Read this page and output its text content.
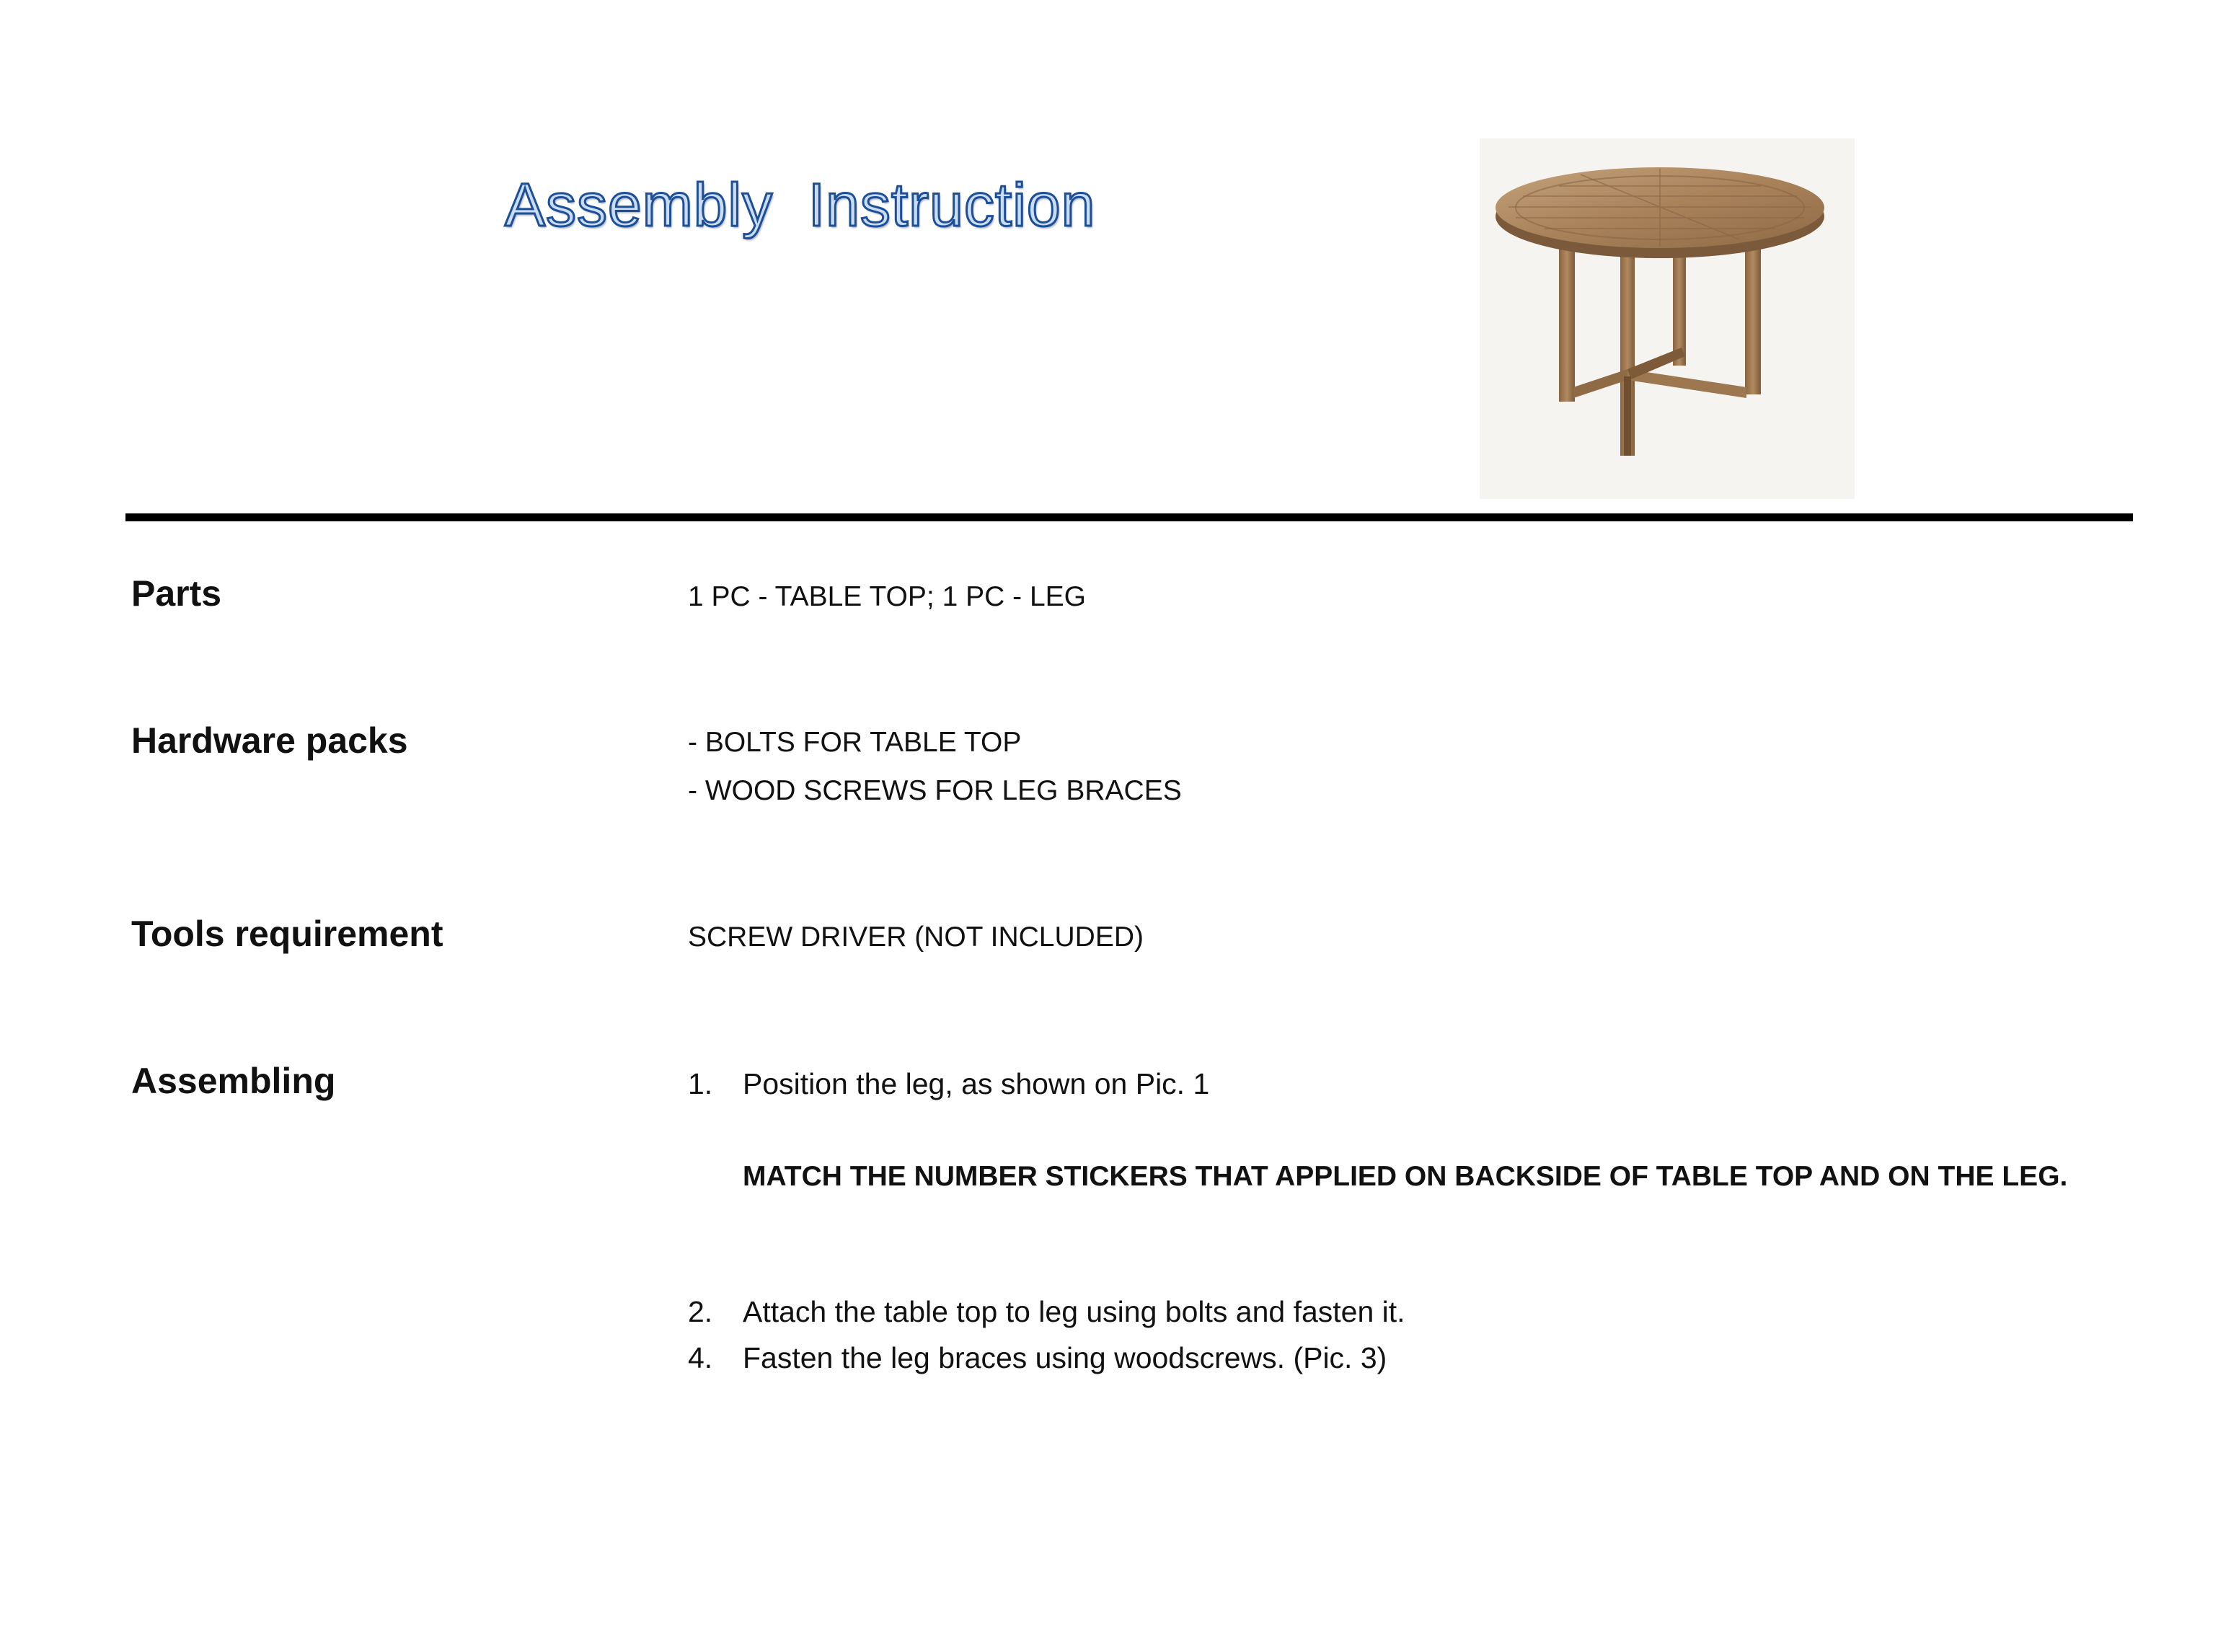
Assembly  Instruction
Parts	1 PC - TABLE TOP; 1 PC - LEG

Hardware packs	- BOLTS FOR TABLE TOP
- WOOD SCREWS FOR LEG BRACES
Tools requirement	SCREW DRIVER (NOT INCLUDED)

Assembling	1.	Position the leg, as shown on Pic. 1
MATCH THE NUMBER STICKERS THAT APPLIED ON BACKSIDE OF TABLE TOP AND ON THE LEG.
2.	Attach the table top to leg using bolts and fasten it.
4.	Fasten the leg braces using woodscrews. (Pic. 3)
